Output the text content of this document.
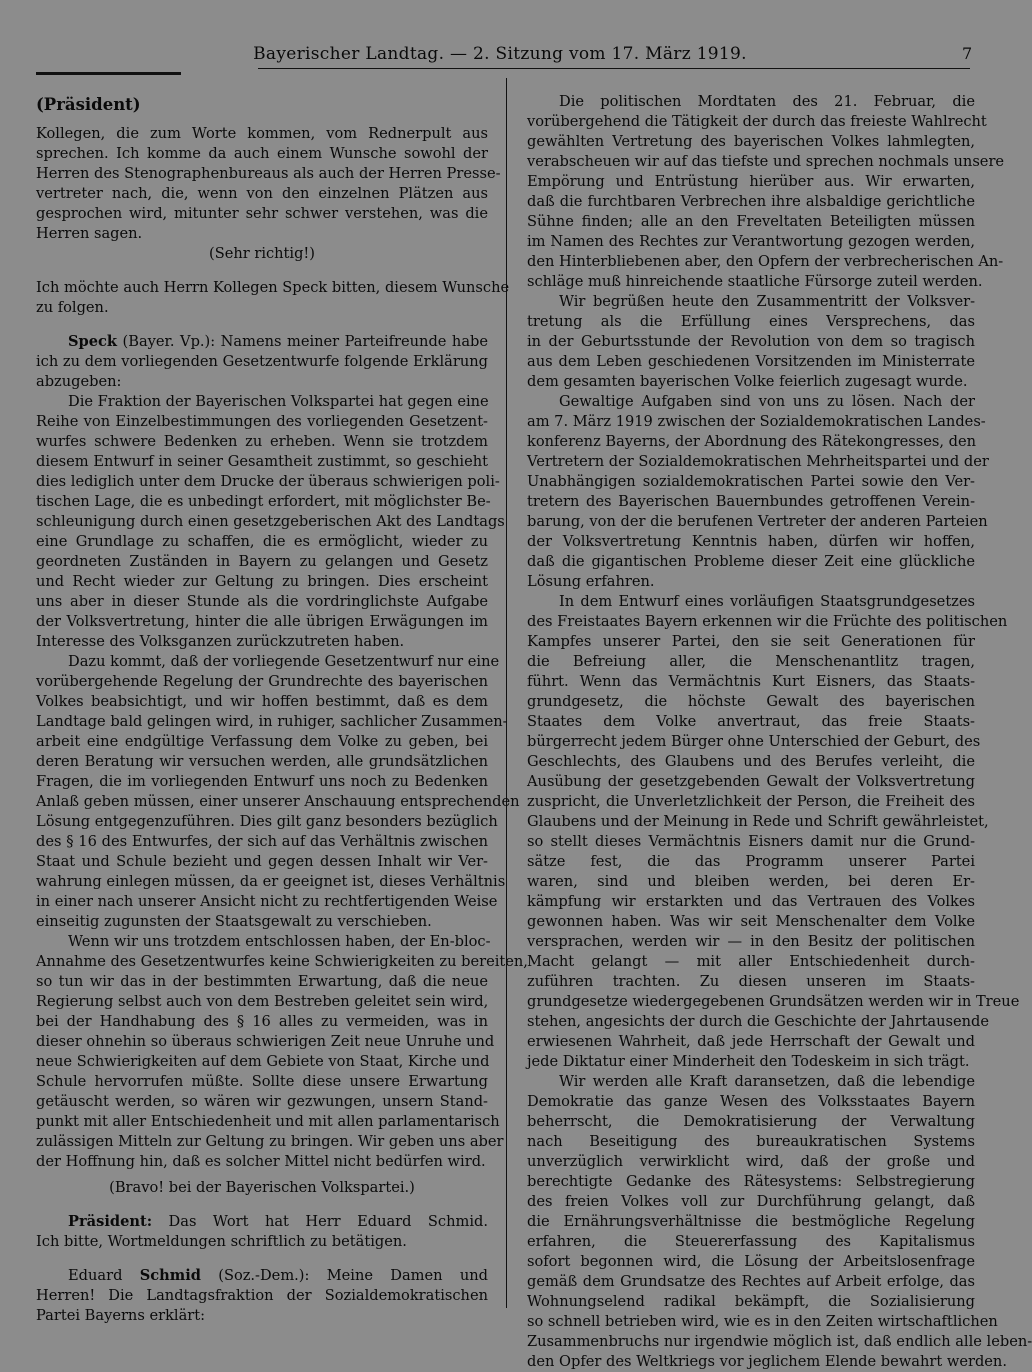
Bayerischer Landtag. — 2. Sitzung vom 17. März 1919.	7
(Präsident)
Kollegen, die zum Worte kommen, vom Rednerpult aus
sprechen. Ich komme da auch einem Wunsche sowohl der
Herren des Stenographenbureaus als auch der Herren Presse-
vertreter nach, die, wenn von den einzelnen Plätzen aus
gesprochen wird, mitunter sehr schwer verstehen, was die
Herren sagen.
(Sehr richtig!)
Ich möchte auch Herrn Kollegen Speck bitten, diesem Wunsche
zu folgen.
Speck (Bayer. Vp.): Namens meiner Parteifreunde habe
ich zu dem vorliegenden Gesetzentwurfe folgende Erklärung
abzugeben:
Die Fraktion der Bayerischen Volkspartei hat gegen eine
Reihe von Einzelbestimmungen des vorliegenden Gesetzent-
wurfes schwere Bedenken zu erheben. Wenn sie trotzdem
diesem Entwurf in seiner Gesamtheit zustimmt, so geschieht
dies lediglich unter dem Drucke der überaus schwierigen poli-
tischen Lage, die es unbedingt erfordert, mit möglichster Be-
schleunigung durch einen gesetzgeberischen Akt des Landtags
eine Grundlage zu schaffen, die es ermöglicht, wieder zu
geordneten Zuständen in Bayern zu gelangen und Gesetz
und Recht wieder zur Geltung zu bringen. Dies erscheint
uns aber in dieser Stunde als die vordringlichste Aufgabe
der Volksvertretung, hinter die alle übrigen Erwägungen im
Interesse des Volksganzen zurückzutreten haben.
Dazu kommt, daß der vorliegende Gesetzentwurf nur eine
vorübergehende Regelung der Grundrechte des bayerischen
Volkes beabsichtigt, und wir hoffen bestimmt, daß es dem
Landtage bald gelingen wird, in ruhiger, sachlicher Zusammen-
arbeit eine endgültige Verfassung dem Volke zu geben, bei
deren Beratung wir versuchen werden, alle grundsätzlichen
Fragen, die im vorliegenden Entwurf uns noch zu Bedenken
Anlaß geben müssen, einer unserer Anschauung entsprechenden
Lösung entgegenzuführen. Dies gilt ganz besonders bezüglich
des § 16 des Entwurfes, der sich auf das Verhältnis zwischen
Staat und Schule bezieht und gegen dessen Inhalt wir Ver-
wahrung einlegen müssen, da er geeignet ist, dieses Verhältnis
in einer nach unserer Ansicht nicht zu rechtfertigenden Weise
einseitig zugunsten der Staatsgewalt zu verschieben.
Wenn wir uns trotzdem entschlossen haben, der En-bloc-
Annahme des Gesetzentwurfes keine Schwierigkeiten zu bereiten,
so tun wir das in der bestimmten Erwartung, daß die neue
Regierung selbst auch von dem Bestreben geleitet sein wird,
bei der Handhabung des § 16 alles zu vermeiden, was in
dieser ohnehin so überaus schwierigen Zeit neue Unruhe und
neue Schwierigkeiten auf dem Gebiete von Staat, Kirche und
Schule hervorrufen müßte. Sollte diese unsere Erwartung
getäuscht werden, so wären wir gezwungen, unsern Stand-
punkt mit aller Entschiedenheit und mit allen parlamentarisch
zulässigen Mitteln zur Geltung zu bringen. Wir geben uns aber
der Hoffnung hin, daß es solcher Mittel nicht bedürfen wird.
(Bravo! bei der Bayerischen Volkspartei.)
Präsident: Das Wort hat Herr Eduard Schmid.
Ich bitte, Wortmeldungen schriftlich zu betätigen.
Eduard Schmid (Soz.-Dem.): Meine Damen und
Herren! Die Landtagsfraktion der Sozialdemokratischen
Partei Bayerns erklärt:
Die politischen Mordtaten des 21. Februar, die
vorübergehend die Tätigkeit der durch das freieste Wahlrecht
gewählten Vertretung des bayerischen Volkes lahmlegten,
verabscheuen wir auf das tiefste und sprechen nochmals unsere
Empörung und Entrüstung hierüber aus. Wir erwarten,
daß die furchtbaren Verbrechen ihre alsbaldige gerichtliche
Sühne finden; alle an den Freveltaten Beteiligten müssen
im Namen des Rechtes zur Verantwortung gezogen werden,
den Hinterbliebenen aber, den Opfern der verbrecherischen An-
schläge muß hinreichende staatliche Fürsorge zuteil werden.
Wir begrüßen heute den Zusammentritt der Volksver-
tretung als die Erfüllung eines Versprechens, das
in der Geburtsstunde der Revolution von dem so tragisch
aus dem Leben geschiedenen Vorsitzenden im Ministerrate
dem gesamten bayerischen Volke feierlich zugesagt wurde.
Gewaltige Aufgaben sind von uns zu lösen. Nach der
am 7. März 1919 zwischen der Sozialdemokratischen Landes-
konferenz Bayerns, der Abordnung des Rätekongresses, den
Vertretern der Sozialdemokratischen Mehrheitspartei und der
Unabhängigen sozialdemokratischen Partei sowie den Ver-
tretern des Bayerischen Bauernbundes getroffenen Verein-
barung, von der die berufenen Vertreter der anderen Parteien
der Volksvertretung Kenntnis haben, dürfen wir hoffen,
daß die gigantischen Probleme dieser Zeit eine glückliche
Lösung erfahren.
In dem Entwurf eines vorläufigen Staatsgrundgesetzes
des Freistaates Bayern erkennen wir die Früchte des politischen
Kampfes unserer Partei, den sie seit Generationen für
die Befreiung aller, die Menschenantlitz tragen,
führt. Wenn das Vermächtnis Kurt Eisners, das Staats-
grundgesetz, die höchste Gewalt des bayerischen
Staates dem Volke anvertraut, das freie Staats-
bürgerrecht jedem Bürger ohne Unterschied der Geburt, des
Geschlechts, des Glaubens und des Berufes verleiht, die
Ausübung der gesetzgebenden Gewalt der Volksvertretung
zuspricht, die Unverletzlichkeit der Person, die Freiheit des
Glaubens und der Meinung in Rede und Schrift gewährleistet,
so stellt dieses Vermächtnis Eisners damit nur die Grund-
sätze fest, die das Programm unserer Partei
waren, sind und bleiben werden, bei deren Er-
kämpfung wir erstarkten und das Vertrauen des Volkes
gewonnen haben. Was wir seit Menschenalter dem Volke
versprachen, werden wir — in den Besitz der politischen
Macht gelangt — mit aller Entschiedenheit durch-
zuführen trachten. Zu diesen unseren im Staats-
grundgesetze wiedergegebenen Grundsätzen werden wir in Treue
stehen, angesichts der durch die Geschichte der Jahrtausende
erwiesenen Wahrheit, daß jede Herrschaft der Gewalt und
jede Diktatur einer Minderheit den Todeskeim in sich trägt.
Wir werden alle Kraft daransetzen, daß die lebendige
Demokratie das ganze Wesen des Volksstaates Bayern
beherrscht, die Demokratisierung der Verwaltung
nach Beseitigung des bureaukratischen Systems
unverzüglich verwirklicht wird, daß der große und
berechtigte Gedanke des Rätesystems: Selbstregierung
des freien Volkes voll zur Durchführung gelangt, daß
die Ernährungsverhältnisse die bestmögliche Regelung
erfahren, die Steuererfassung des Kapitalismus
sofort begonnen wird, die Lösung der Arbeitslosenfrage
gemäß dem Grundsatze des Rechtes auf Arbeit erfolge, das
Wohnungselend radikal bekämpft, die Sozialisierung
so schnell betrieben wird, wie es in den Zeiten wirtschaftlichen
Zusammenbruchs nur irgendwie möglich ist, daß endlich alle leben-
den Opfer des Weltkriegs vor jeglichem Elende bewahrt werden.
